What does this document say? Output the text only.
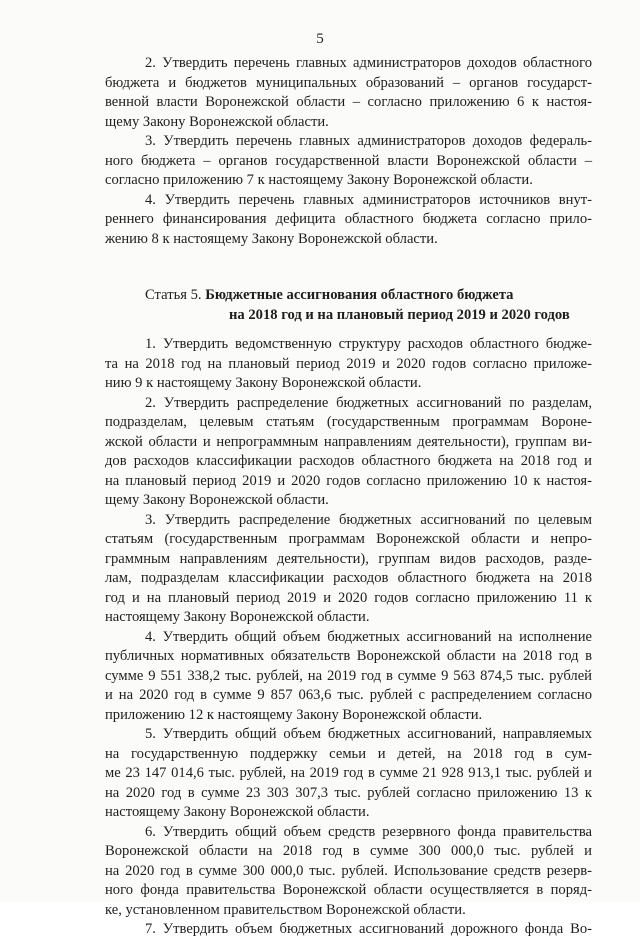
5

2. Утвердить перечень главных администраторов доходов областного
бюджета и бюджетов муниципальных образований – органов государст-
венной власти Воронежской области – согласно приложению 6 к настоя-
щему Закону Воронежской области.

3. Утвердить перечень главных администраторов доходов федераль-
ного бюджета – органов государственной власти Воронежской области –
согласно приложению 7 к настоящему Закону Воронежской области.

4. Утвердить перечень главных администраторов источников внут-
реннего финансирования дефицита областного бюджета согласно прило-
жению 8 к настоящему Закону Воронежской области.

Статья 5. Бюджетные ассигнования областного бюджета
на 2018 год и на плановый период 2019 и 2020 годов

1. Утвердить ведомственную структуру расходов областного бюдже-
та на 2018 год на плановый период 2019 и 2020 годов согласно приложе-
нию 9 к настоящему Закону Воронежской области.

2. Утвердить распределение бюджетных ассигнований по разделам,
подразделам, целевым статьям (государственным программам Вороне-
жской области и непрограммным направлениям деятельности), группам ви-
дов расходов классификации расходов областного бюджета на 2018 год и
на плановый период 2019 и 2020 годов согласно приложению 10 к настоя-
щему Закону Воронежской области.

3. Утвердить распределение бюджетных ассигнований по целевым
статьям (государственным программам Воронежской области и непро-
граммным направлениям деятельности), группам видов расходов, разде-
лам, подразделам классификации расходов областного бюджета на 2018
год и на плановый период 2019 и 2020 годов согласно приложению 11 к
настоящему Закону Воронежской области.

4. Утвердить общий объем бюджетных ассигнований на исполнение
публичных нормативных обязательств Воронежской области на 2018 год в
сумме 9 551 338,2 тыс. рублей, на 2019 год в сумме 9 563 874,5 тыс. рублей
и на 2020 год в сумме 9 857 063,6 тыс. рублей с распределением согласно
приложению 12 к настоящему Закону Воронежской области.

5. Утвердить общий объем бюджетных ассигнований, направляемых
на государственную поддержку семьи и детей, на 2018 год в сум-
ме 23 147 014,6 тыс. рублей, на 2019 год в сумме 21 928 913,1 тыс. рублей и
на 2020 год в сумме 23 303 307,3 тыс. рублей согласно приложению 13 к
настоящему Закону Воронежской области.

6. Утвердить общий объем средств резервного фонда правительства
Воронежской области на 2018 год в сумме 300 000,0 тыс. рублей и
на 2020 год в сумме 300 000,0 тыс. рублей. Использование средств резерв-
ного фонда правительства Воронежской области осуществляется в поряд-
ке, установленном правительством Воронежской области.

7. Утвердить объем бюджетных ассигнований дорожного фонда Во-
